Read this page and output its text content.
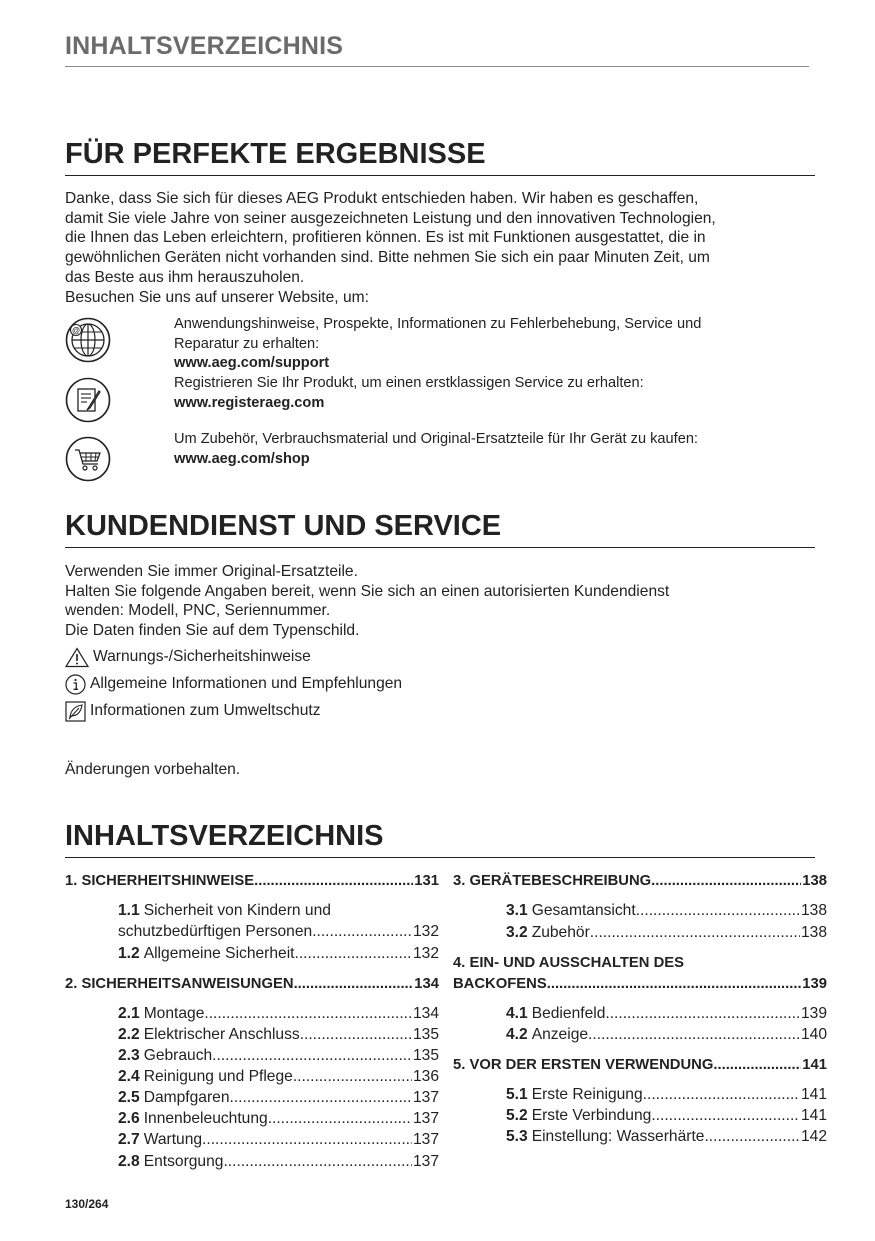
INHALTSVERZEICHNIS
FÜR PERFEKTE ERGEBNISSE
Danke, dass Sie sich für dieses AEG Produkt entschieden haben. Wir haben es geschaffen,
damit Sie viele Jahre von seiner ausgezeichneten Leistung und den innovativen Technologien,
die Ihnen das Leben erleichtern, profitieren können. Es ist mit Funktionen ausgestattet, die in
gewöhnlichen Geräten nicht vorhanden sind. Bitte nehmen Sie sich ein paar Minuten Zeit, um
das Beste aus ihm herauszuholen.
Besuchen Sie uns auf unserer Website, um:
@	Anwendungshinweise, Prospekte, Informationen zu Fehlerbehebung, Service und
Reparatur zu erhalten:
www.aeg.com/support
Registrieren Sie Ihr Produkt, um einen erstklassigen Service zu erhalten:
www.registeraeg.com
Um Zubehör, Verbrauchsmaterial und Original-Ersatzteile für Ihr Gerät zu kaufen:
www.aeg.com/shop
KUNDENDIENST UND SERVICE
Verwenden Sie immer Original-Ersatzteile.
Halten Sie folgende Angaben bereit, wenn Sie sich an einen autorisierten Kundendienst
wenden: Modell, PNC, Seriennummer.
Die Daten finden Sie auf dem Typenschild.
Warnungs-/Sicherheitshinweise
Allgemeine Informationen und Empfehlungen
Informationen zum Umweltschutz
Änderungen vorbehalten.
INHALTSVERZEICHNIS
1. SICHERHEITSHINWEISE .....	131
1.1 Sicherheit von Kindern und
schutzbedürftigen Personen .....	132
1.2 Allgemeine Sicherheit .....	132
2. SICHERHEITSANWEISUNGEN .....	134
2.1 Montage .....	134
2.2 Elektrischer Anschluss .....	135
2.3 Gebrauch .....	135
2.4 Reinigung und Pflege .....	136
2.5 Dampfgaren .....	137
2.6 Innenbeleuchtung .....	137
2.7 Wartung .....	137
2.8 Entsorgung .....	137
3. GERÄTEBESCHREIBUNG .....	138
3.1 Gesamtansicht .....	138
3.2 Zubehör .....	138
4. EIN- UND AUSSCHALTEN DES
BACKOFENS .....	139
4.1 Bedienfeld .....	139
4.2 Anzeige .....	140
5. VOR DER ERSTEN VERWENDUNG .....	141
5.1 Erste Reinigung .....	141
5.2 Erste Verbindung .....	141
5.3 Einstellung: Wasserhärte .....	142
130/264
